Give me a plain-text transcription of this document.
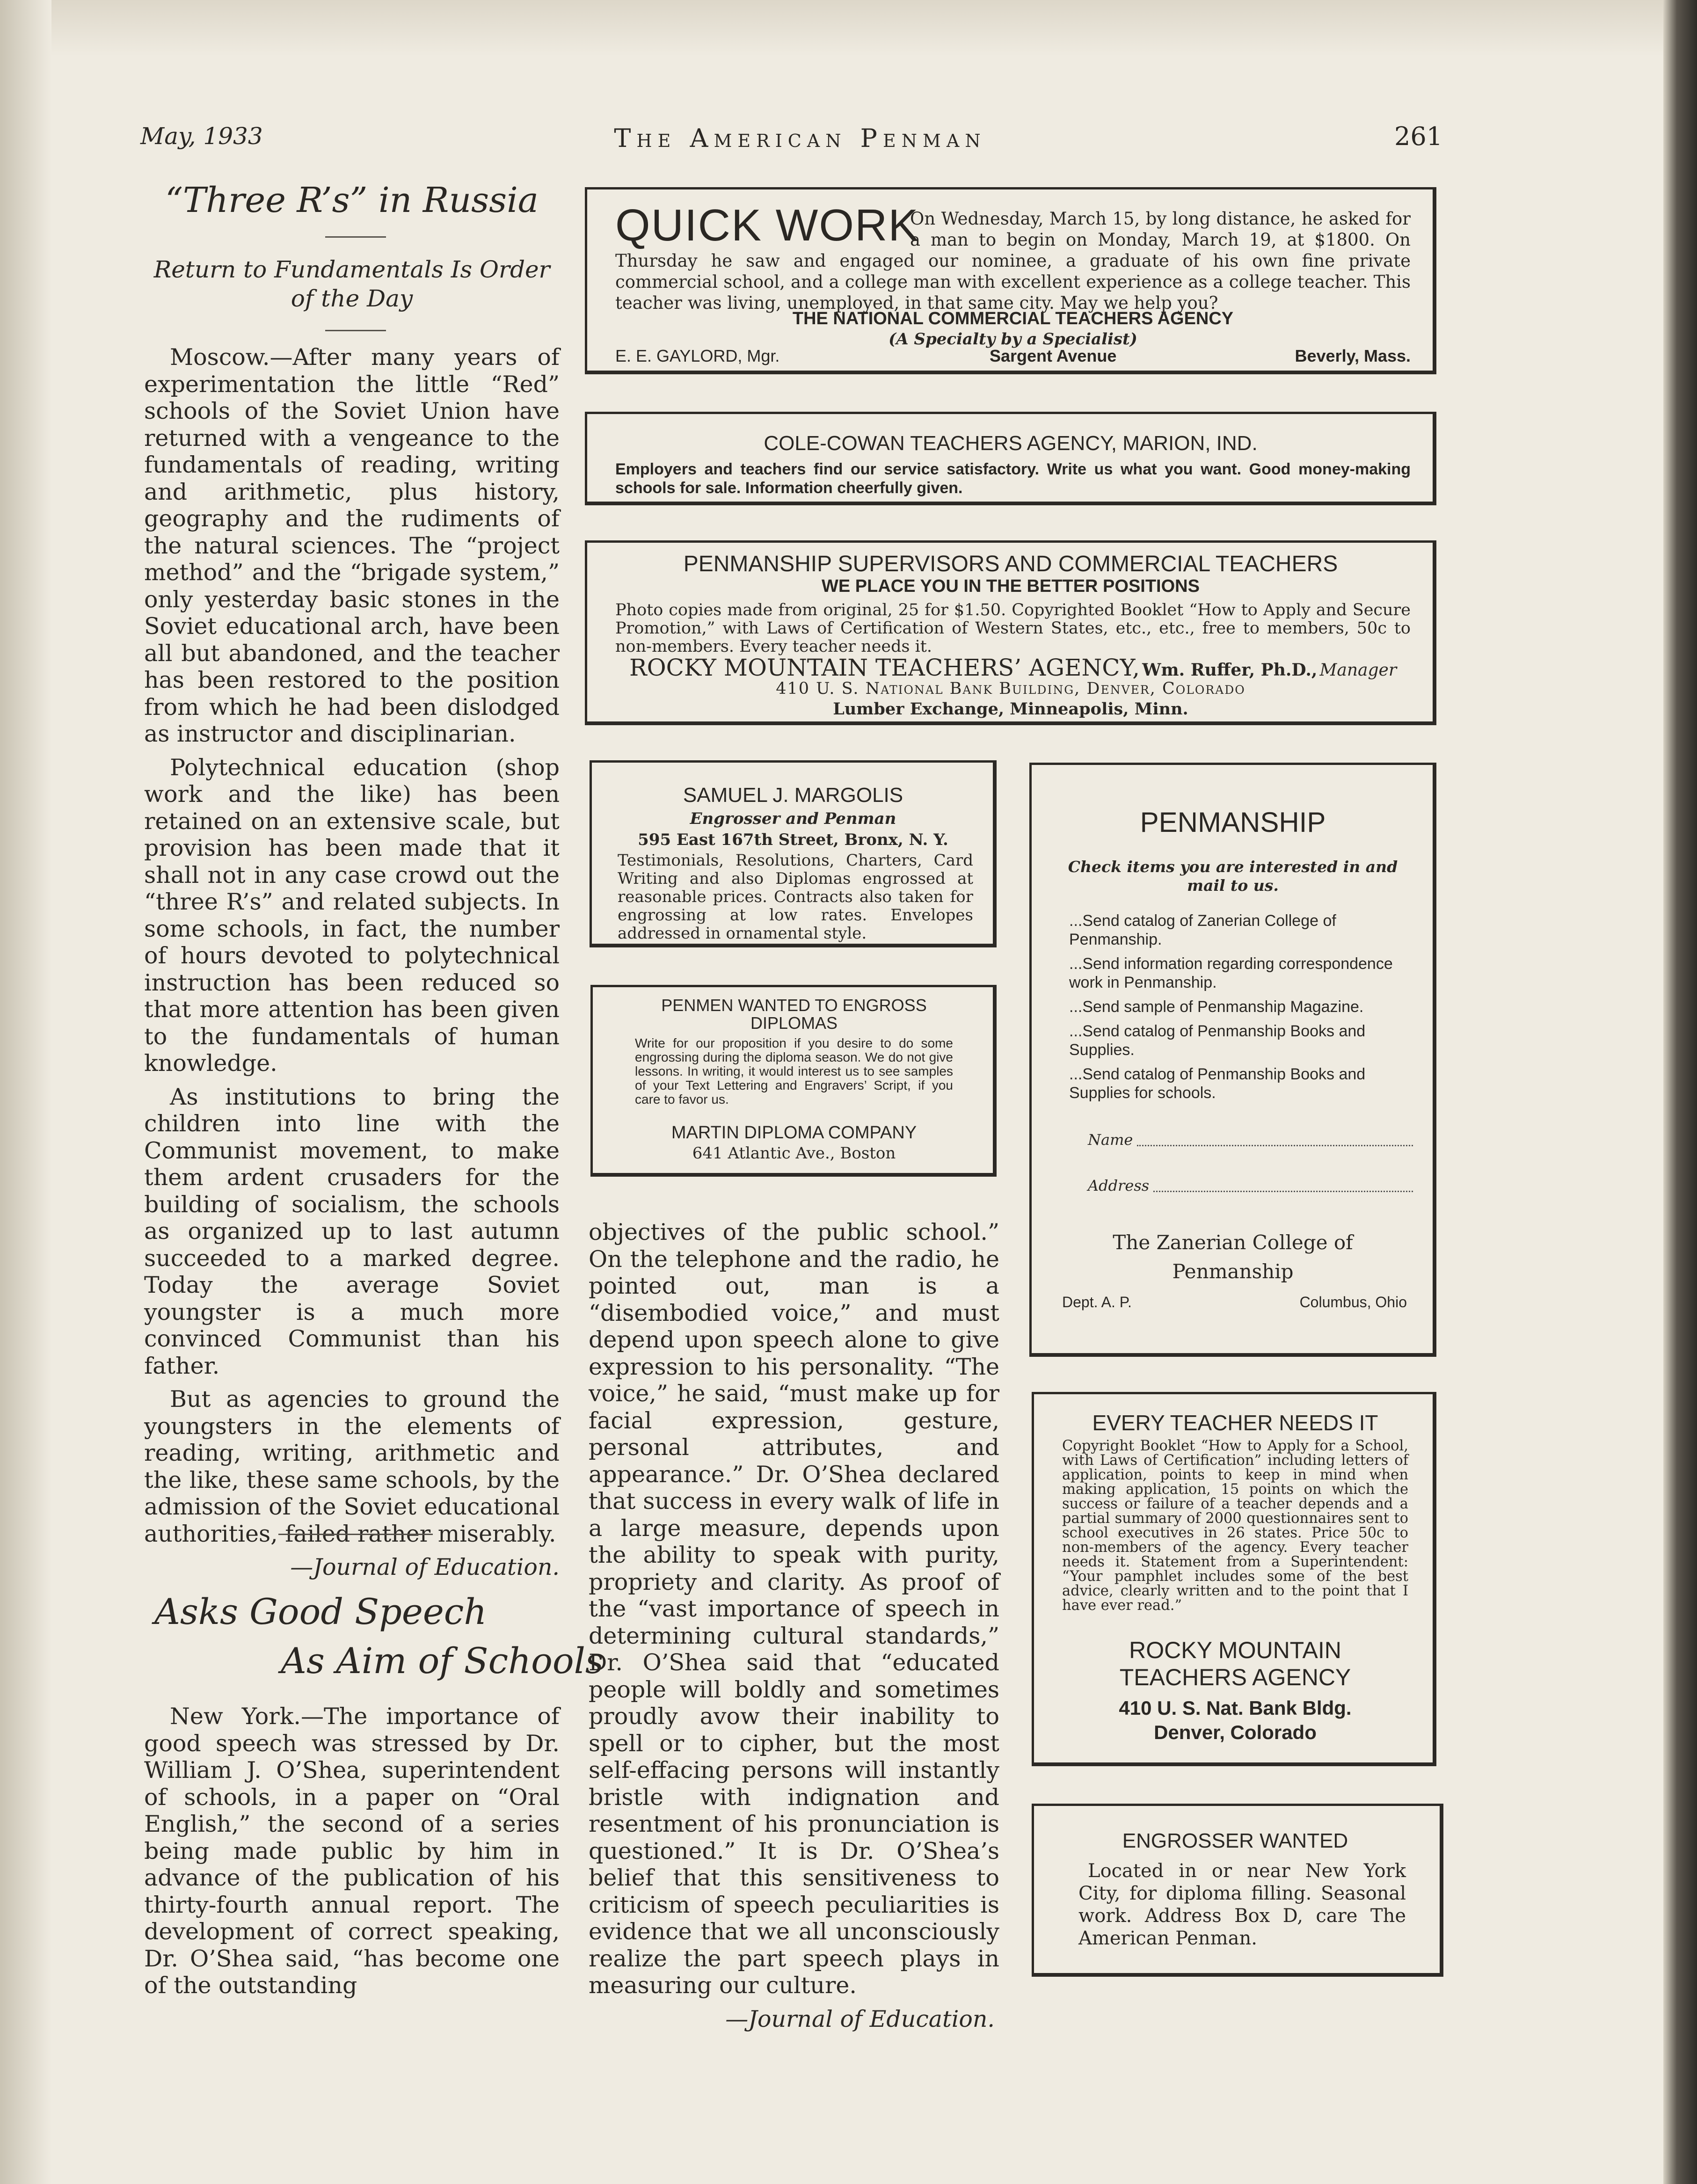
May, 1933	The American Penman	261
“Three R’s” in Russia
Return to Fundamentals Is Order
of the Day

Moscow.—After many years of experimentation the little “Red” schools of the Soviet Union have returned with a vengeance to the fundamentals of reading, writing and arithmetic, plus history, geography and the rudiments of the natural sciences. The “project method” and the “brigade system,” only yesterday basic stones in the Soviet educational arch, have been all but abandoned, and the teacher has been restored to the position from which he had been dislodged as instructor and disciplinarian.

Polytechnical education (shop work and the like) has been retained on an extensive scale, but provision has been made that it shall not in any case crowd out the “three R’s” and related subjects. In some schools, in fact, the number of hours devoted to polytechnical instruction has been reduced so that more attention has been given to the fundamentals of human knowledge.

As institutions to bring the children into line with the Communist movement, to make them ardent crusaders for the building of socialism, the schools as organized up to last autumn succeeded to a marked degree. Today the average Soviet youngster is a much more convinced Communist than his father.

But as agencies to ground the youngsters in the elements of reading, writing, arithmetic and the like, these same schools, by the admission of the Soviet educational authorities, failed rather miserably.

—Journal of Education.
Asks Good Speech
As Aim of Schools

New York.—The importance of good speech was stressed by Dr. William J. O’Shea, superintendent of schools, in a paper on “Oral English,” the second of a series being made public by him in advance of the publication of his thirty-fourth annual report. The development of correct speaking, Dr. O’Shea said, “has become one of the outstanding

objectives of the public school.” On the telephone and the radio, he pointed out, man is a “disembodied voice,” and must depend upon speech alone to give expression to his personality. “The voice,” he said, “must make up for facial expression, gesture, personal attributes, and appearance.” Dr. O’Shea declared that success in every walk of life in a large measure, depends upon the ability to speak with purity, propriety and clarity. As proof of the “vast importance of speech in determining cultural standards,” Dr. O’Shea said that “educated people will boldly and sometimes proudly avow their inability to spell or to cipher, but the most self-effacing persons will instantly bristle with indignation and resentment of his pronunciation is questioned.” It is Dr. O’Shea’s belief that this sensitiveness to criticism of speech peculiarities is evidence that we all unconsciously realize the part speech plays in measuring our culture.

—Journal of Education.
On Wednesday, March 15, by long distance, he asked for a man to begin on Monday, March 19, at $1800. On Thursday he saw and engaged our nominee, a graduate of his own fine private commercial school, and a college man with excellent experience as a college teacher. This teacher was living, unemployed, in that same city. May we help you?
QUICK WORK
THE NATIONAL COMMERCIAL TEACHERS AGENCY
(A Specialty by a Specialist)
E. E. GAYLORD, Mgr.	Sargent Avenue	Beverly, Mass.
COLE-COWAN TEACHERS AGENCY, MARION, IND.
Employers and teachers find our service satisfactory. Write us what you want. Good money-making schools for sale. Information cheerfully given.
PENMANSHIP SUPERVISORS AND COMMERCIAL TEACHERS
WE PLACE YOU IN THE BETTER POSITIONS
Photo copies made from original, 25 for $1.50. Copyrighted Booklet “How to Apply and Secure Promotion,” with Laws of Certification of Western States, etc., etc., free to members, 50c to non-members. Every teacher needs it.
ROCKY MOUNTAIN TEACHERS’ AGENCY, Wm. Ruffer, Ph.D., Manager
410 U. S. National Bank Building, Denver, Colorado
Lumber Exchange, Minneapolis, Minn.
SAMUEL J. MARGOLIS
Engrosser and Penman
595 East 167th Street, Bronx, N. Y.
Testimonials, Resolutions, Charters, Card Writing and also Diplomas engrossed at reasonable prices. Contracts also taken for engrossing at low rates. Envelopes addressed in ornamental style.
PENMEN WANTED TO ENGROSS DIPLOMAS
Write for our proposition if you desire to do some engrossing during the diploma season. We do not give lessons. In writing, it would interest us to see samples of your Text Lettering and Engravers’ Script, if you care to favor us.
MARTIN DIPLOMA COMPANY
641 Atlantic Ave., Boston
PENMANSHIP
Check items you are interested in and mail to us.
...Send catalog of Zanerian College of Penmanship.
...Send information regarding correspondence work in Penmanship.
...Send sample of Penmanship Magazine.
...Send catalog of Penmanship Books and Supplies.
...Send catalog of Penmanship Books and Supplies for schools.
Name
Address
The Zanerian College of
Penmanship
Dept. A. P.	Columbus, Ohio
EVERY TEACHER NEEDS IT
Copyright Booklet “How to Apply for a School, with Laws of Certification” including letters of application, points to keep in mind when making application, 15 points on which the success or failure of a teacher depends and a partial summary of 2000 questionnaires sent to school executives in 26 states. Price 50c to non-members of the agency. Every teacher needs it. Statement from a Superintendent: “Your pamphlet includes some of the best advice, clearly written and to the point that I have ever read.”
ROCKY MOUNTAIN
TEACHERS AGENCY
410 U. S. Nat. Bank Bldg.
Denver, Colorado
ENGROSSER WANTED
Located in or near New York City, for diploma filling. Seasonal work. Address Box D, care The American Penman.
